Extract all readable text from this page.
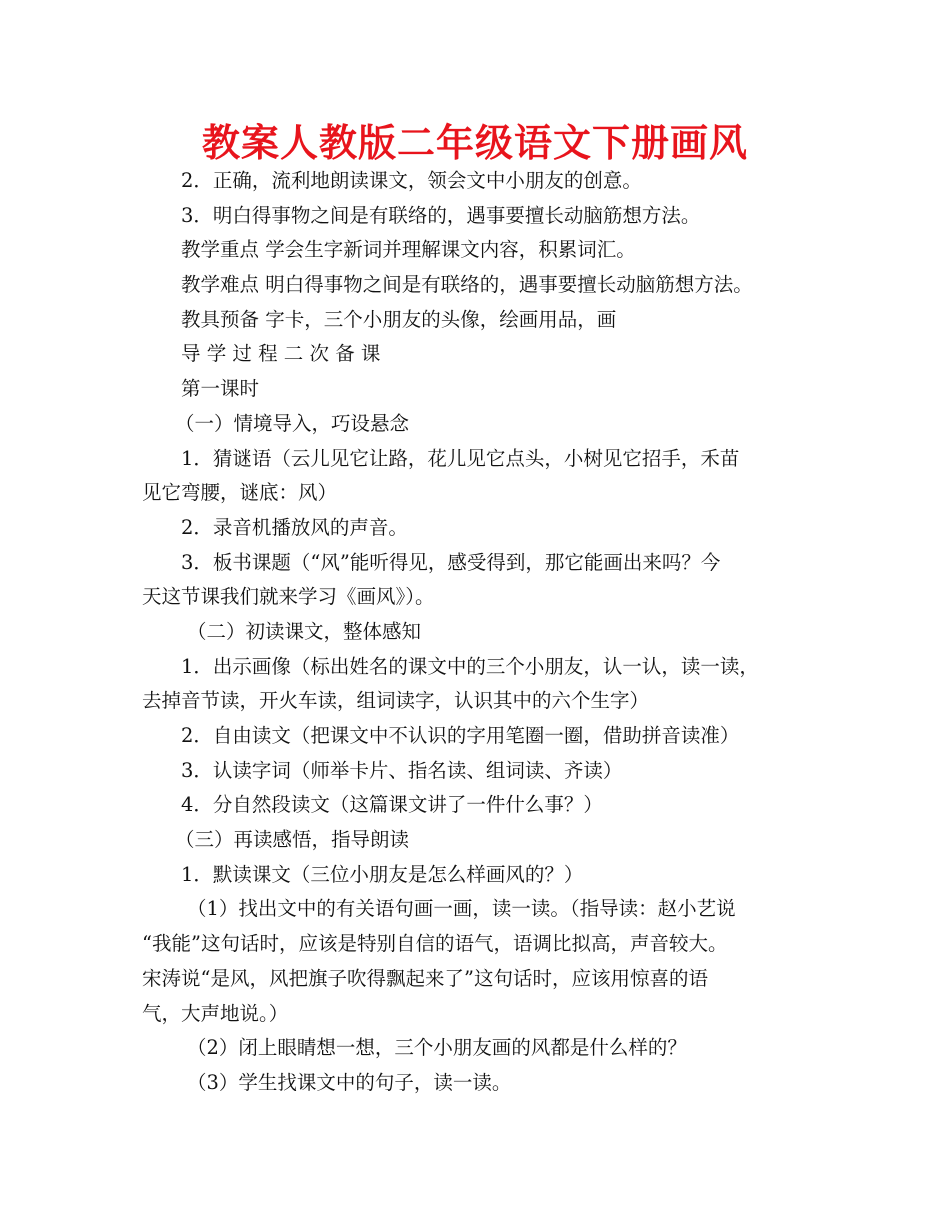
教案人教版二年级语文下册画风
2．正确，流利地朗读课文，领会文中小朋友的创意。
3．明白得事物之间是有联络的，遇事要擅长动脑筋想方法。
教学重点 学会生字新词并理解课文内容，积累词汇。
教学难点 明白得事物之间是有联络的，遇事要擅长动脑筋想方法。
教具预备 字卡，三个小朋友的头像，绘画用品，画
导 学 过 程 二 次 备 课
第一课时
（一）情境导入，巧设悬念
1．猜谜语（云儿见它让路，花儿见它点头，小树见它招手，禾苗
见它弯腰，谜底：风）
2．录音机播放风的声音。
3．板书课题（“风”能听得见，感受得到，那它能画出来吗？今
天这节课我们就来学习《画风》）。
（二）初读课文，整体感知
1．出示画像（标出姓名的课文中的三个小朋友，认一认，读一读，
去掉音节读，开火车读，组词读字，认识其中的六个生字）
2．自由读文（把课文中不认识的字用笔圈一圈，借助拼音读准）
3．认读字词（师举卡片、指名读、组词读、齐读）
4．分自然段读文（这篇课文讲了一件什么事？）
（三）再读感悟，指导朗读
1．默读课文（三位小朋友是怎么样画风的？）
（1）找出文中的有关语句画一画，读一读。（指导读：赵小艺说
“我能”这句话时，应该是特别自信的语气，语调比拟高，声音较大。
宋涛说“是风，风把旗子吹得飘起来了”这句话时，应该用惊喜的语
气，大声地说。）
（2）闭上眼睛想一想，三个小朋友画的风都是什么样的？
（3）学生找课文中的句子，读一读。
